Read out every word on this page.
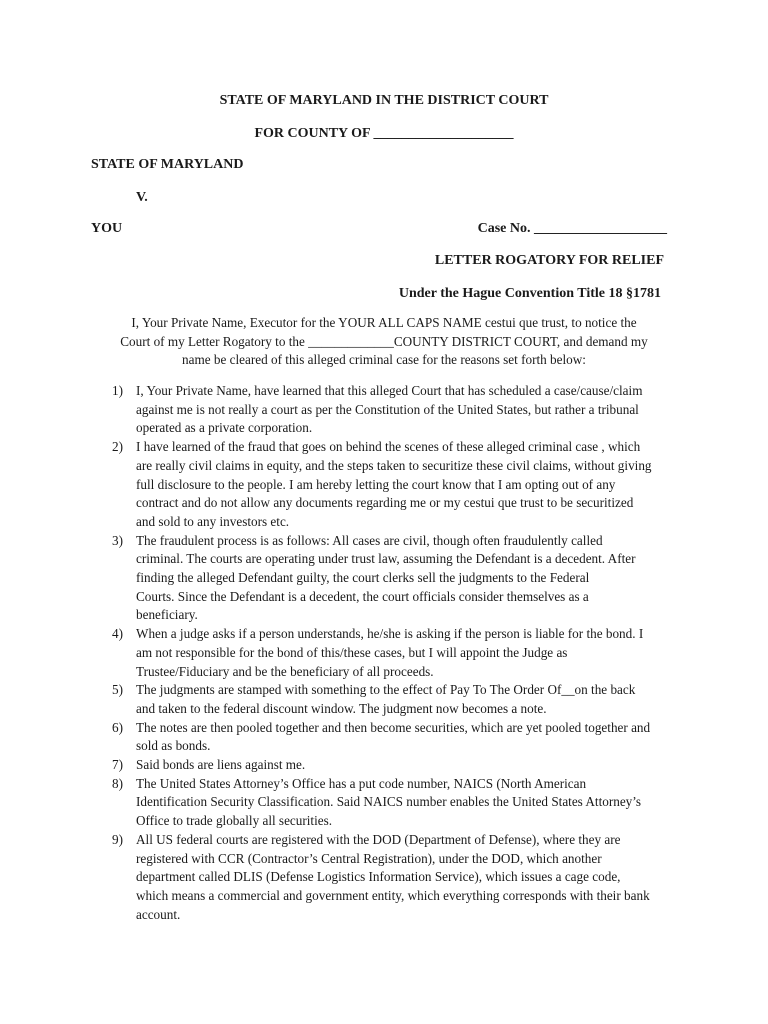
STATE OF MARYLAND IN THE DISTRICT COURT
FOR COUNTY OF ____________________
STATE OF MARYLAND
V.
YOU	Case No. ___________________
LETTER ROGATORY FOR RELIEF
Under the Hague Convention Title 18 §1781
I, Your Private Name, Executor for the YOUR ALL CAPS NAME cestui que trust, to notice the
Court of my Letter Rogatory to the _____________COUNTY DISTRICT COURT, and demand my
name be cleared of this alleged criminal case for the reasons set forth below:
1) I, Your Private Name, have learned that this alleged Court that has scheduled a case/cause/claim
against me is not really a court as per the Constitution of the United States, but rather a tribunal
operated as a private corporation.
2) I have learned of the fraud that goes on behind the scenes of these alleged criminal case , which
are really civil claims in equity, and the steps taken to securitize these civil claims, without giving
full disclosure to the people. I am hereby letting the court know that I am opting out of any
contract and do not allow any documents regarding me or my cestui que trust to be securitized
and sold to any investors etc.
3) The fraudulent process is as follows: All cases are civil, though often fraudulently called
criminal. The courts are operating under trust law, assuming the Defendant is a decedent. After
finding the alleged Defendant guilty, the court clerks sell the judgments to the Federal
Courts. Since the Defendant is a decedent, the court officials consider themselves as a
beneficiary.
4) When a judge asks if a person understands, he/she is asking if the person is liable for the bond. I
am not responsible for the bond of this/these cases, but I will appoint the Judge as
Trustee/Fiduciary and be the beneficiary of all proceeds.
5) The judgments are stamped with something to the effect of Pay To The Order Of__on the back
and taken to the federal discount window. The judgment now becomes a note.
6) The notes are then pooled together and then become securities, which are yet pooled together and
sold as bonds.
7) Said bonds are liens against me.
8) The United States Attorney’s Office has a put code number, NAICS (North American
Identification Security Classification. Said NAICS number enables the United States Attorney’s
Office to trade globally all securities.
9) All US federal courts are registered with the DOD (Department of Defense), where they are
registered with CCR (Contractor’s Central Registration), under the DOD, which another
department called DLIS (Defense Logistics Information Service), which issues a cage code,
which means a commercial and government entity, which everything corresponds with their bank
account.
